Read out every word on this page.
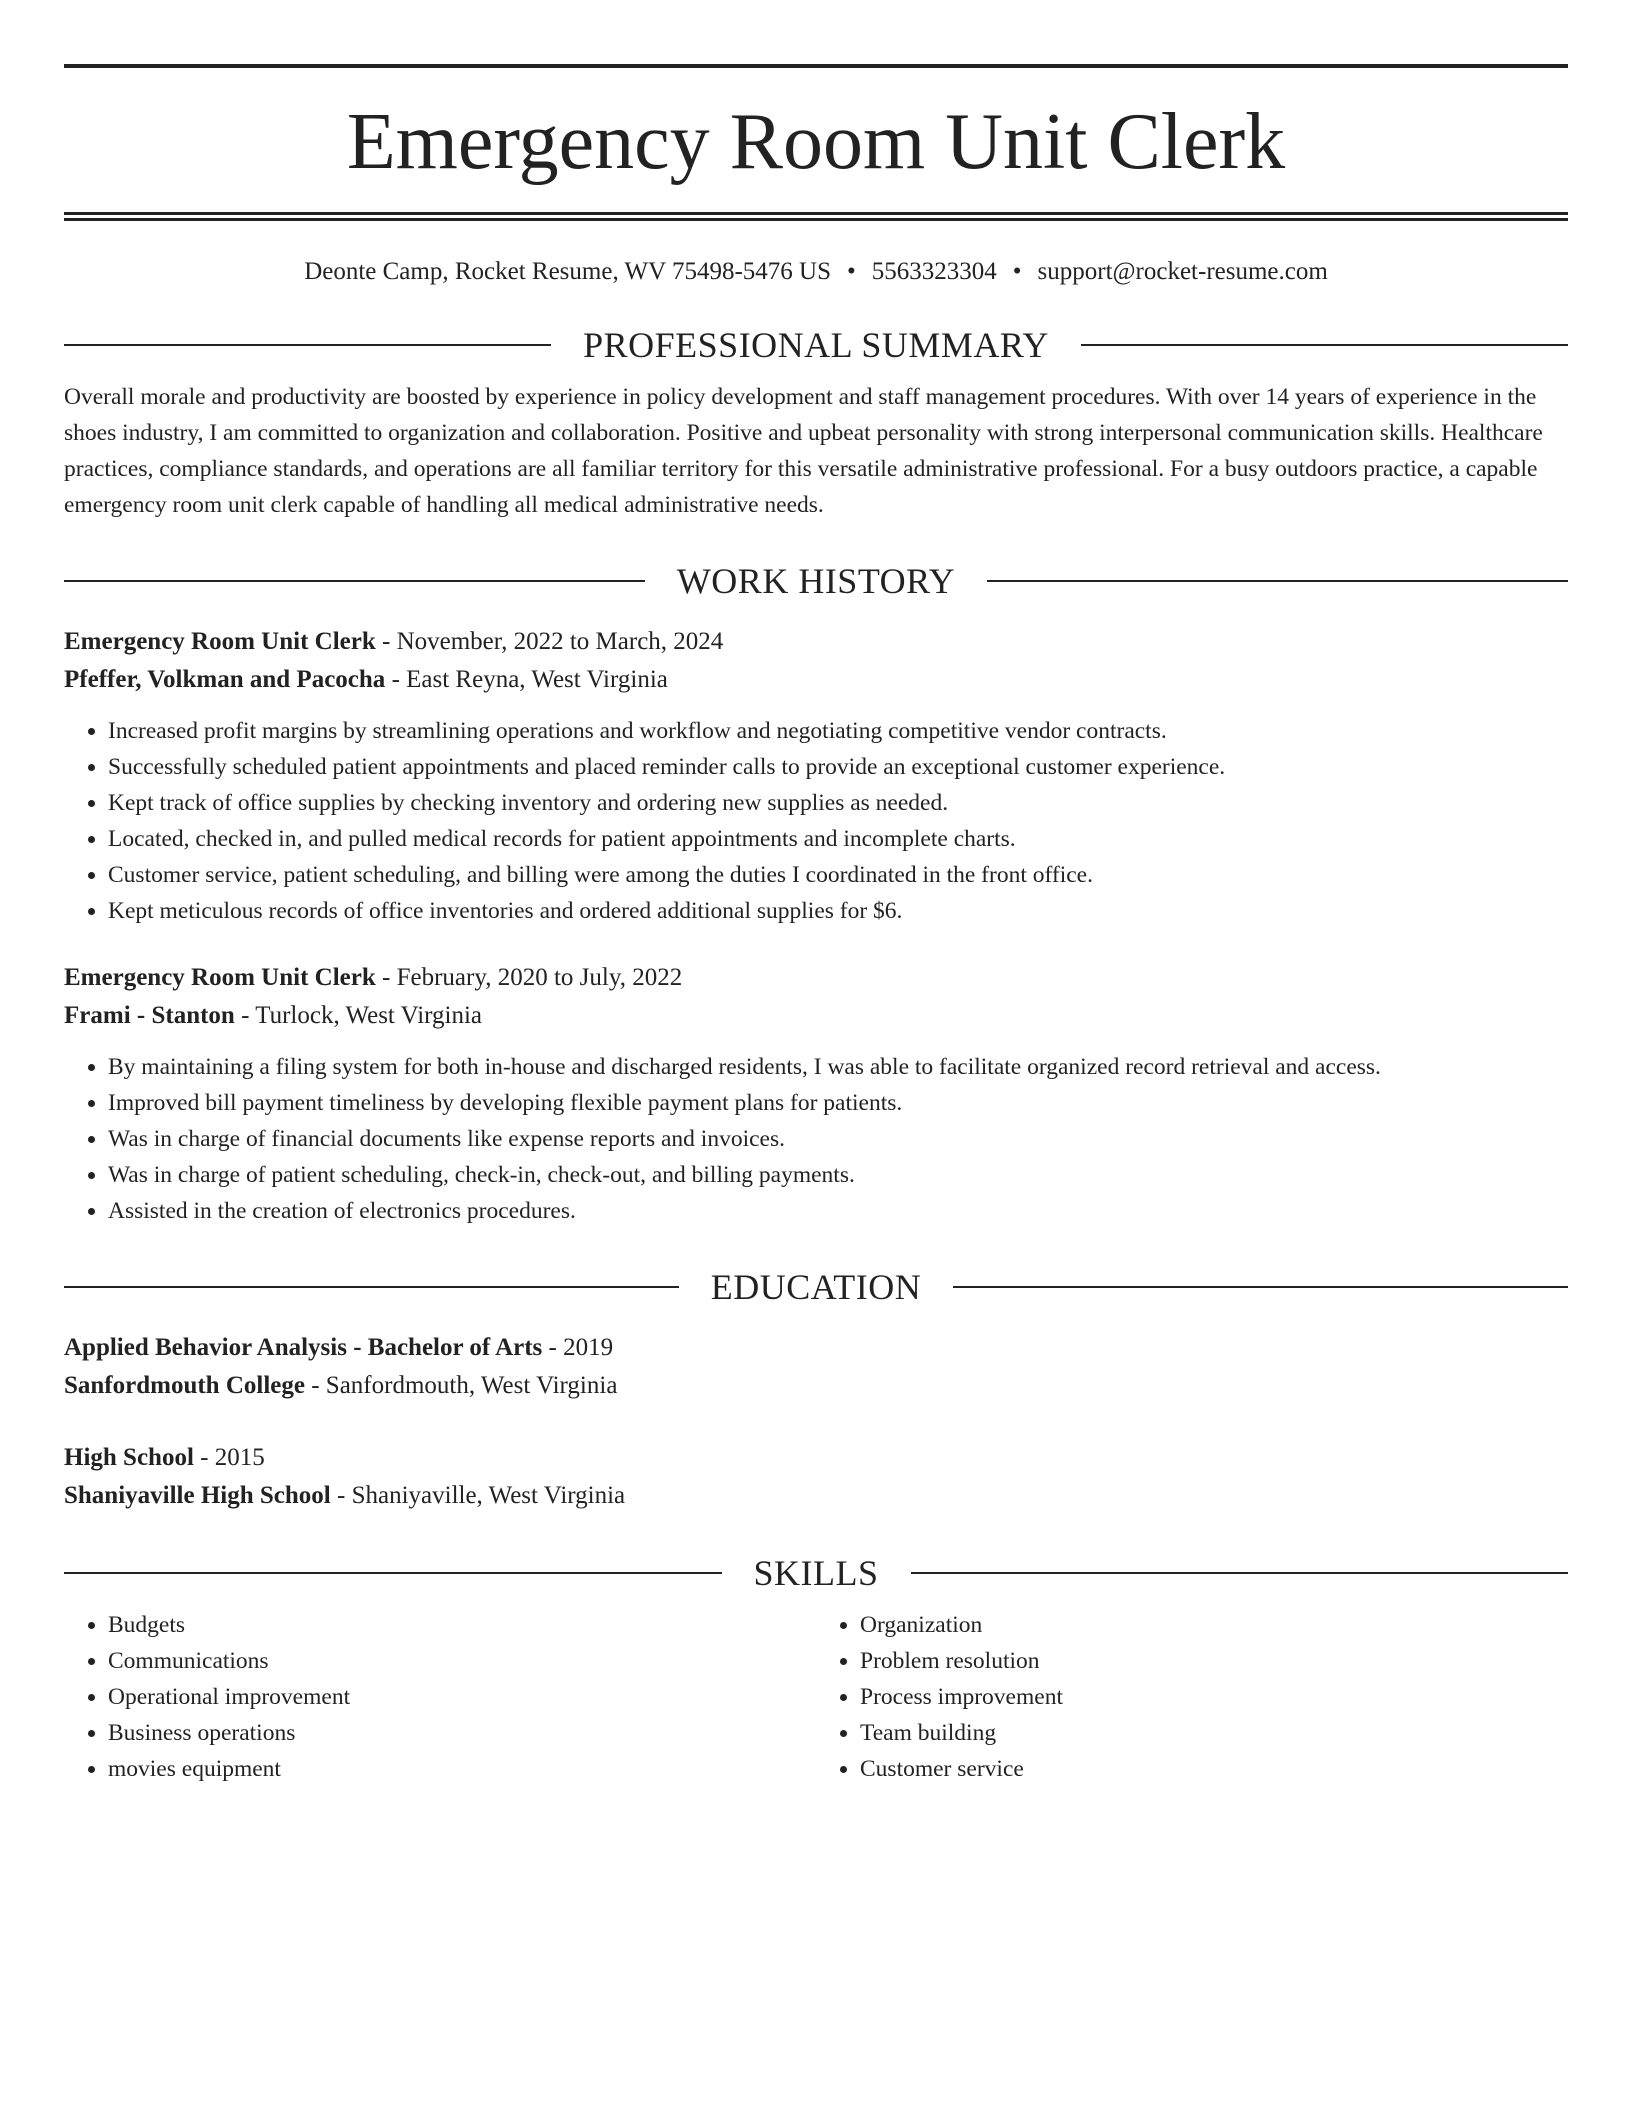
Emergency Room Unit Clerk
Deonte Camp, Rocket Resume, WV 75498-5476 US • 5563323304 • support@rocket-resume.com
PROFESSIONAL SUMMARY

Overall morale and productivity are boosted by experience in policy development and staff management procedures. With over 14 years of experience in the shoes industry, I am committed to organization and collaboration. Positive and upbeat personality with strong interpersonal communication skills. Healthcare practices, compliance standards, and operations are all familiar territory for this versatile administrative professional. For a busy outdoors practice, a capable emergency room unit clerk capable of handling all medical administrative needs.

WORK HISTORY
Emergency Room Unit Clerk - November, 2022 to March, 2024
Pfeffer, Volkman and Pacocha - East Reyna, West Virginia
• Increased profit margins by streamlining operations and workflow and negotiating competitive vendor contracts.
• Successfully scheduled patient appointments and placed reminder calls to provide an exceptional customer experience.
• Kept track of office supplies by checking inventory and ordering new supplies as needed.
• Located, checked in, and pulled medical records for patient appointments and incomplete charts.
• Customer service, patient scheduling, and billing were among the duties I coordinated in the front office.
• Kept meticulous records of office inventories and ordered additional supplies for $6.
Emergency Room Unit Clerk - February, 2020 to July, 2022
Frami - Stanton - Turlock, West Virginia
• By maintaining a filing system for both in-house and discharged residents, I was able to facilitate organized record retrieval and access.
• Improved bill payment timeliness by developing flexible payment plans for patients.
• Was in charge of financial documents like expense reports and invoices.
• Was in charge of patient scheduling, check-in, check-out, and billing payments.
• Assisted in the creation of electronics procedures.
EDUCATION
Applied Behavior Analysis - Bachelor of Arts - 2019
Sanfordmouth College - Sanfordmouth, West Virginia
High School - 2015
Shaniyaville High School - Shaniyaville, West Virginia
SKILLS
• Budgets
• Communications
• Operational improvement
• Business operations
• movies equipment
• Organization
• Problem resolution
• Process improvement
• Team building
• Customer service
